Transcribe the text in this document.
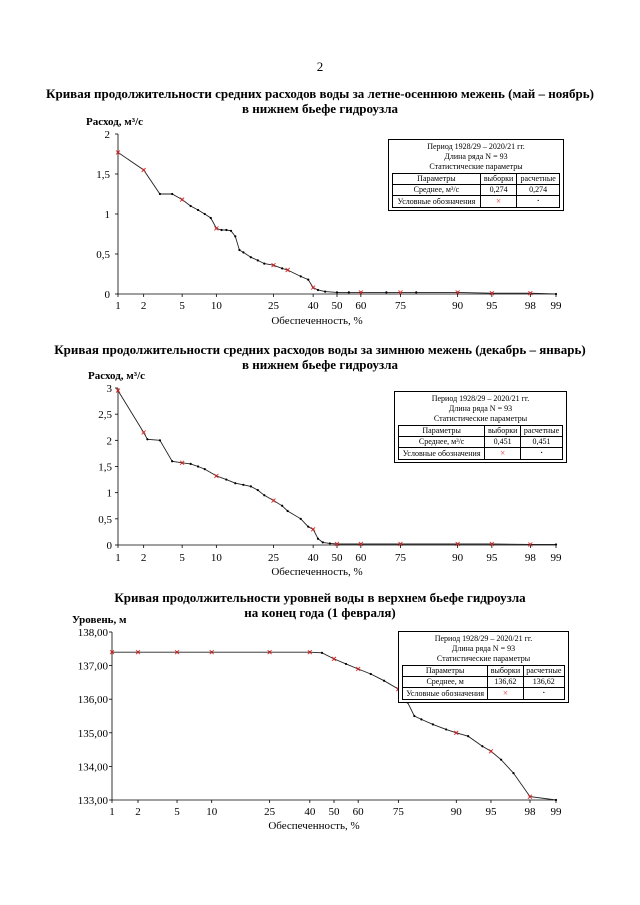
2
Кривая продолжительности средних расходов воды за летне-осеннюю межень (май – ноябрь)
в нижнем бьефе гидроузла
Расход, м³/с
0
0,5
1
1,5
2
1 2	5 10	25	40 50 60	75	90 95 98 99
Обеспеченность, %
Период 1928/29 – 2020/21 гг.
Длина ряда N = 93
Статистические параметры
Параметры	выборки	расчетные
Среднее, м³/с	0,274	0,274
Условные обозначения	×	·
Кривая продолжительности средних расходов воды за зимнюю межень (декабрь – январь)
в нижнем бьефе гидроузла
Расход, м³/с
0
0,5
1
1,5
2
2,5
3
1 2	5 10	25	40 50 60	75	90 95 98 99
Обеспеченность, %
Период 1928/29 – 2020/21 гг.
Длина ряда N = 93
Статистические параметры
Параметры	выборки	расчетные
Среднее, м³/с	0,451	0,451
Условные обозначения	×	·
Кривая продолжительности уровней воды в верхнем бьефе гидроузла
на конец года (1 февраля)
Уровень, м
133,00
134,00
135,00
136,00
137,00
138,00
1 2	5 10	25	40 50 60	75	90 95	98 99
Обеспеченность, %
Период 1928/29 – 2020/21 гг.
Длина ряда N = 93
Статистические параметры
Параметры	выборки	расчетные
Среднее, м	136,62	136,62
Условные обозначения	×	·
